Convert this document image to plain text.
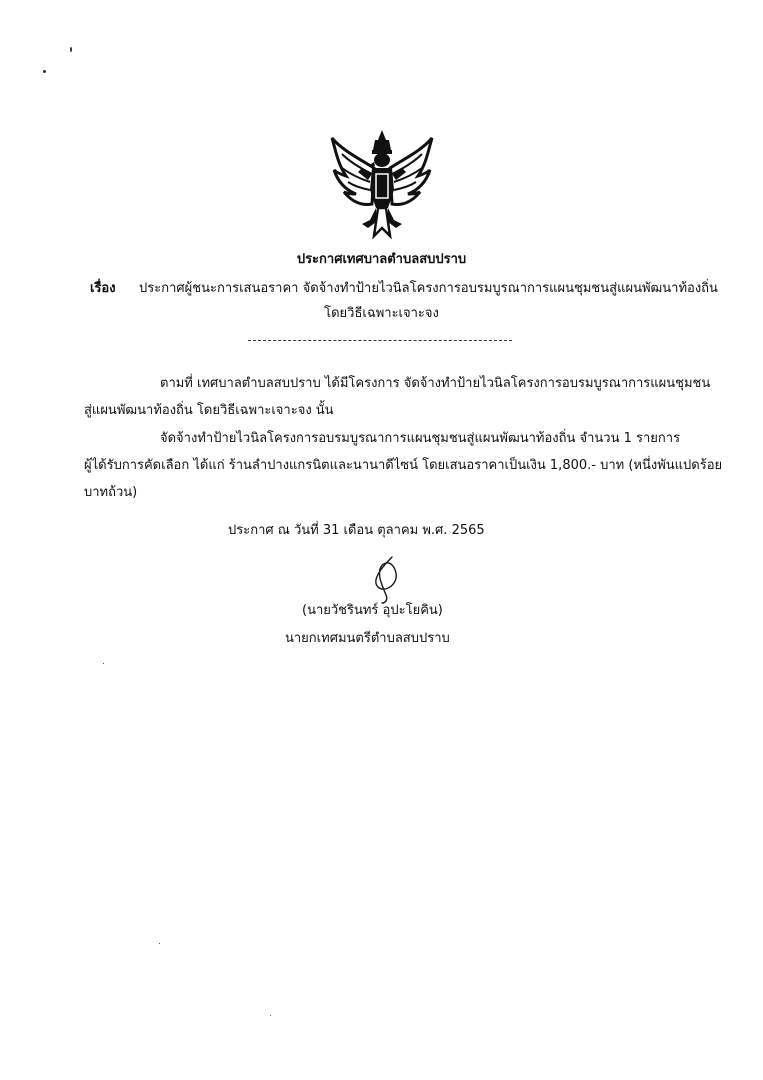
ประกาศเทศบาลตำบลสบปราบ
เรื่อง ประกาศผู้ชนะการเสนอราคา จัดจ้างทำป้ายไวนิลโครงการอบรมบูรณาการแผนชุมชนสู่แผนพัฒนาท้องถิ่น
โดยวิธีเฉพาะเจาะจง
ตามที่ เทศบาลตำบลสบปราบ ได้มีโครงการ จัดจ้างทำป้ายไวนิลโครงการอบรมบูรณาการแผนชุมชน
สู่แผนพัฒนาท้องถิ่น โดยวิธีเฉพาะเจาะจง นั้น
จัดจ้างทำป้ายไวนิลโครงการอบรมบูรณาการแผนชุมชนสู่แผนพัฒนาท้องถิ่น จำนวน 1 รายการ
ผู้ได้รับการคัดเลือก ได้แก่ ร้านลำปางแกรนิตและนานาดีไซน์ โดยเสนอราคาเป็นเงิน 1,800.- บาท (หนึ่งพันแปดร้อย
บาทถ้วน)
ประกาศ ณ วันที่ 31 เดือน ตุลาคม พ.ศ. 2565
(นายวัชรินทร์ อุปะโยคิน)
นายกเทศมนตรีตำบลสบปราบ
